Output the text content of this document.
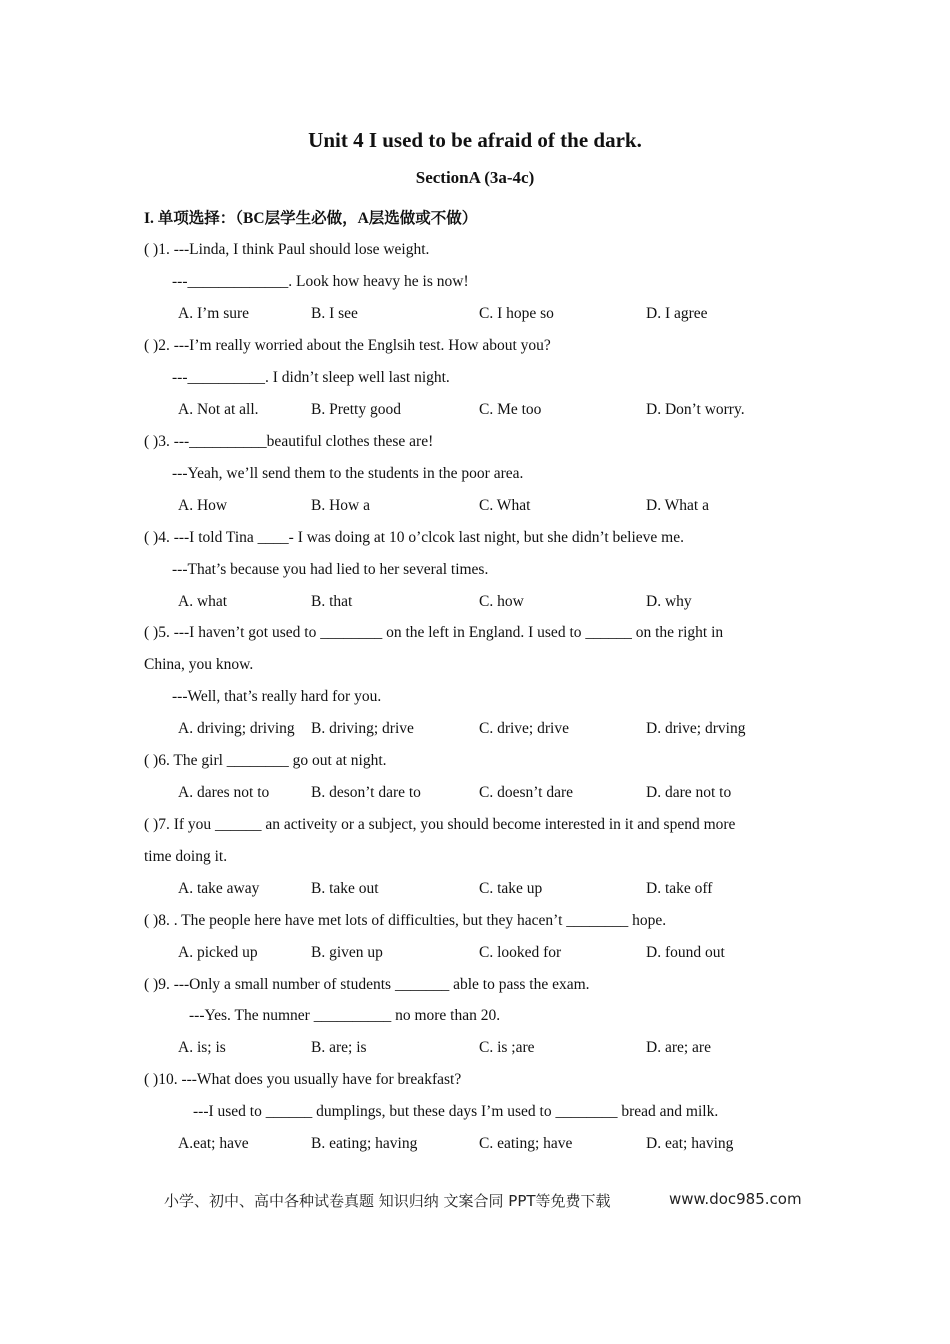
Unit 4 I used to be afraid of the dark.
SectionA (3a-4c)
I. 单项选择：（BC层学生必做，A层选做或不做）
( )1. ---Linda, I think Paul should lose weight.
---_____________. Look how heavy he is now!
A. I’m sure	B. I see	C. I hope so	D. I agree
( )2. ---I’m really worried about the Englsih test. How about you?
---__________. I didn’t sleep well last night.
A. Not at all.	B. Pretty good	C. Me too	D. Don’t worry.
( )3. ---__________beautiful clothes these are!
---Yeah, we’ll send them to the students in the poor area.
A. How	B. How a	C. What	D. What a
( )4. ---I told Tina ____- I was doing at 10 o’clcok last night, but she didn’t believe me.
---That’s because you had lied to her several times.
A. what	B. that	C. how	D. why
( )5. ---I haven’t got used to ________ on the left in England. I used to ______ on the right in
China, you know.
---Well, that’s really hard for you.
A. driving; driving B. driving; drive	C. drive; drive	D. drive; drving
( )6. The girl ________ go out at night.
A. dares not to	B. deson’t dare to	C. doesn’t dare	D. dare not to
( )7. If you ______ an activeity or a subject, you should become interested in it and spend more
time doing it.
A. take away	B. take out	C. take up	D. take off
( )8. . The people here have met lots of difficulties, but they hacen’t ________ hope.
A. picked up	B. given up	C. looked for	D. found out
( )9. ---Only a small number of students _______ able to pass the exam.
---Yes. The numner __________ no more than 20.
A. is; is	B. are; is	C. is ;are	D. are; are
( )10. ---What does you usually have for breakfast?
---I used to ______ dumplings, but these days I’m used to ________ bread and milk.
A.eat; have	B. eating; having	C. eating; have	D. eat; having
小学、初中、高中各种试卷真题 知识归纳 文案合同 PPT等免费下载	www.doc985.com
